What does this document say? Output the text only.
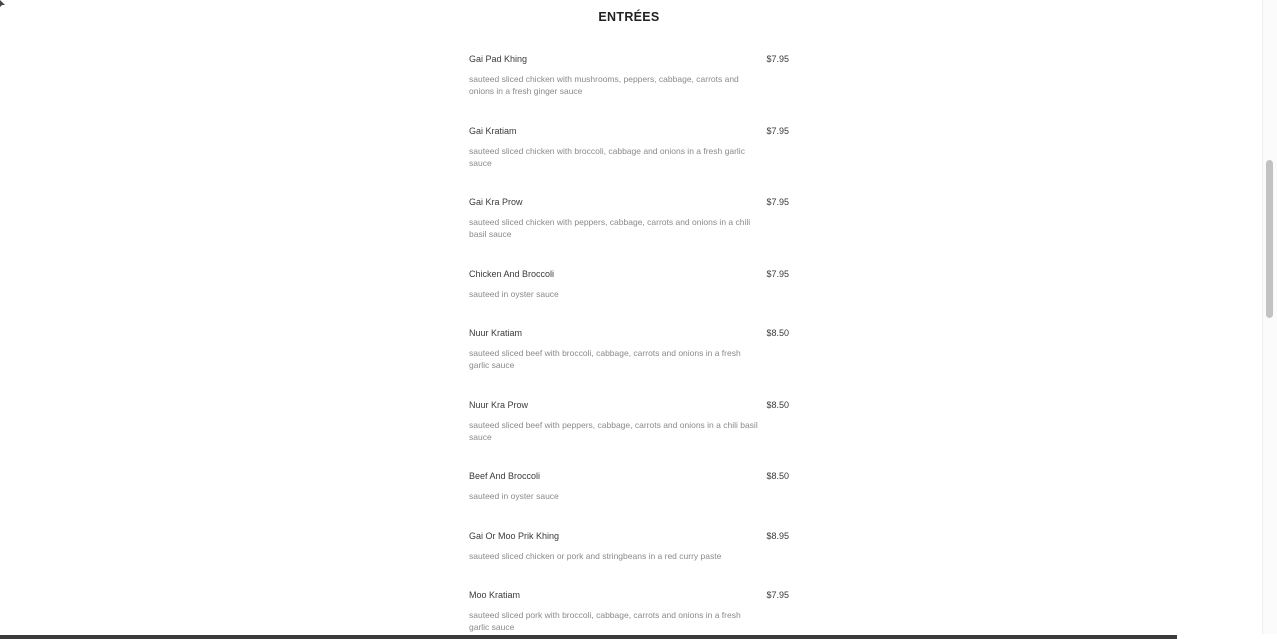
ENTRÉES
Gai Pad Khing	$7.95
sauteed sliced chicken with mushrooms, peppers, cabbage, carrots and onions in a fresh ginger sauce
Gai Kratiam	$7.95
sauteed sliced chicken with broccoli, cabbage and onions in a fresh garlic sauce
Gai Kra Prow	$7.95
sauteed sliced chicken with peppers, cabbage, carrots and onions in a chili basil sauce
Chicken And Broccoli	$7.95
sauteed in oyster sauce
Nuur Kratiam	$8.50
sauteed sliced beef with broccoli, cabbage, carrots and onions in a fresh garlic sauce
Nuur Kra Prow	$8.50
sauteed sliced beef with peppers, cabbage, carrots and onions in a chili basil sauce
Beef And Broccoli	$8.50
sauteed in oyster sauce
Gai Or Moo Prik Khing	$8.95
sauteed sliced chicken or pork and stringbeans in a red curry paste
Moo Kratiam	$7.95
sauteed sliced pork with broccoli, cabbage, carrots and onions in a fresh garlic sauce
